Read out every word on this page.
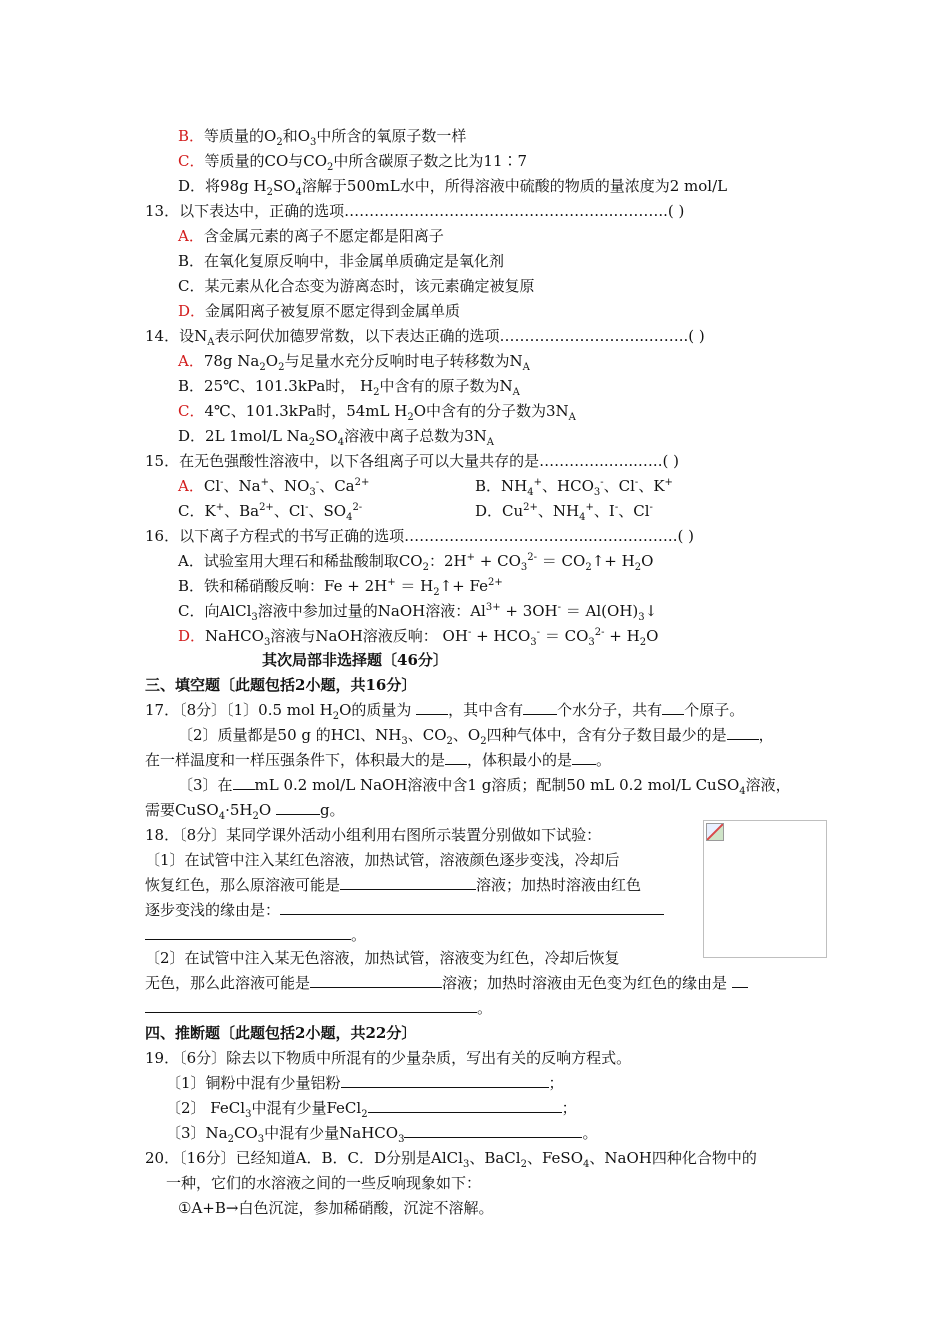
B．等质量的$O_2$和$O_3$中所含的氧原子数一样
C．等质量的CO与$CO_2$中所含碳原子数之比为11∶7
D．将98g $H_2SO_4$溶解于500mL水中，所得溶液中硫酸的物质的量浓度为2 mol/L
13．以下表达中，正确的选项……………………………………………...………..( )
A．含金属元素的离子不愿定都是阳离子
B．在氧化复原反响中，非金属单质确定是氧化剂
C．某元素从化合态变为游离态时，该元素确定被复原
D．金属阳离子被复原不愿定得到金属单质
14．设$N_A$表示阿伏加德罗常数，以下表达正确的选项………………………...……..( )
A．78g $Na_2O_2$与足量水充分反响时电子转移数为$N_A$
B．25℃、101.3kPa时， $H_2$中含有的原子数为$N_A$
C．4℃、101.3kPa时，54mL $H_2O$中含有的分子数为$3N_A$
D．2L 1mol/L $Na_2SO_4$溶液中离子总数为$3N_A$
15．在无色强酸性溶液中，以下各组离子可以大量共存的是…………..…...…..( )
A．Cl-、Na+、$NO_3^-$、$Ca^{2+}$	B．$NH_4^+$、$HCO_3^-$、Cl-、K+
C．K+、$Ba^{2+}$、Cl-、$SO_4^{2-}$	D．$Cu^{2+}$、$NH_4^+$、I-、Cl-
16．以下离子方程式的书写正确的选项…………..…………………...……………..( )
A．试验室用大理石和稀盐酸制取$CO_2$：$2H^+ + CO_3^{2-}$ ＝ $CO_2↑+ H_2O$
B．铁和稀硝酸反响：$Fe + 2H^+ = H_2↑+ Fe^{2+}$
C．向AlCl$_3$溶液中参加过量的NaOH溶液：$Al^{3+} + 3OH^-$ ＝ $Al(OH)_3↓$
D．NaHCO$_3$溶液与NaOH溶液反响： $OH^- + HCO_3^- = CO_3^{2-} + H_2O$
其次局部非选择题〔46分〕
三、填空题〔此题包括2小题，共16分〕
17．〔8分〕〔1〕0.5 mol $H_2O$的质量为 ，其中含有 个水分子，共有 个原子。
〔2〕质量都是50 g 的HCl、$NH_3$、$CO_2$、$O_2$四种气体中，含有分子数目最少的是 ，
在一样温度和一样压强条件下，体积最大的是 ，体积最小的是 。
〔3〕在 mL 0.2 mol/L NaOH溶液中含1 g溶质；配制50 mL 0.2 mol/L CuSO$_4$溶液，
需要$CuSO_4\cdot 5H_2O$	g。
18．〔8分〕某同学课外活动小组利用右图所示装置分别做如下试验：
〔1〕在试管中注入某红色溶液，加热试管，溶液颜色逐步变浅，冷却后
恢复红色，那么原溶液可能是	溶液；加热时溶液由红色
逐步变浅的缘由是：
。
〔2〕在试管中注入某无色溶液，加热试管，溶液变为红色，冷却后恢复
无色，那么此溶液可能是	溶液；加热时溶液由无色变为红色的缘由是
。
四、推断题〔此题包括2小题，共22分〕
19．〔6分〕除去以下物质中所混有的少量杂质，写出有关的反响方程式。
〔1〕铜粉中混有少量铝粉	；
〔2〕 FeCl$_3$中混有少量FeCl$_2$	；
〔3〕$Na_2CO_3$中混有少量NaHCO$_3$	。
20．〔16分〕已经知道A．B．C．D分别是AlCl$_3$、BaCl$_2$、FeSO$_4$、NaOH四种化合物中的
一种，它们的水溶液之间的一些反响现象如下：
①A+B→白色沉淀，参加稀硝酸，沉淀不溶解。
